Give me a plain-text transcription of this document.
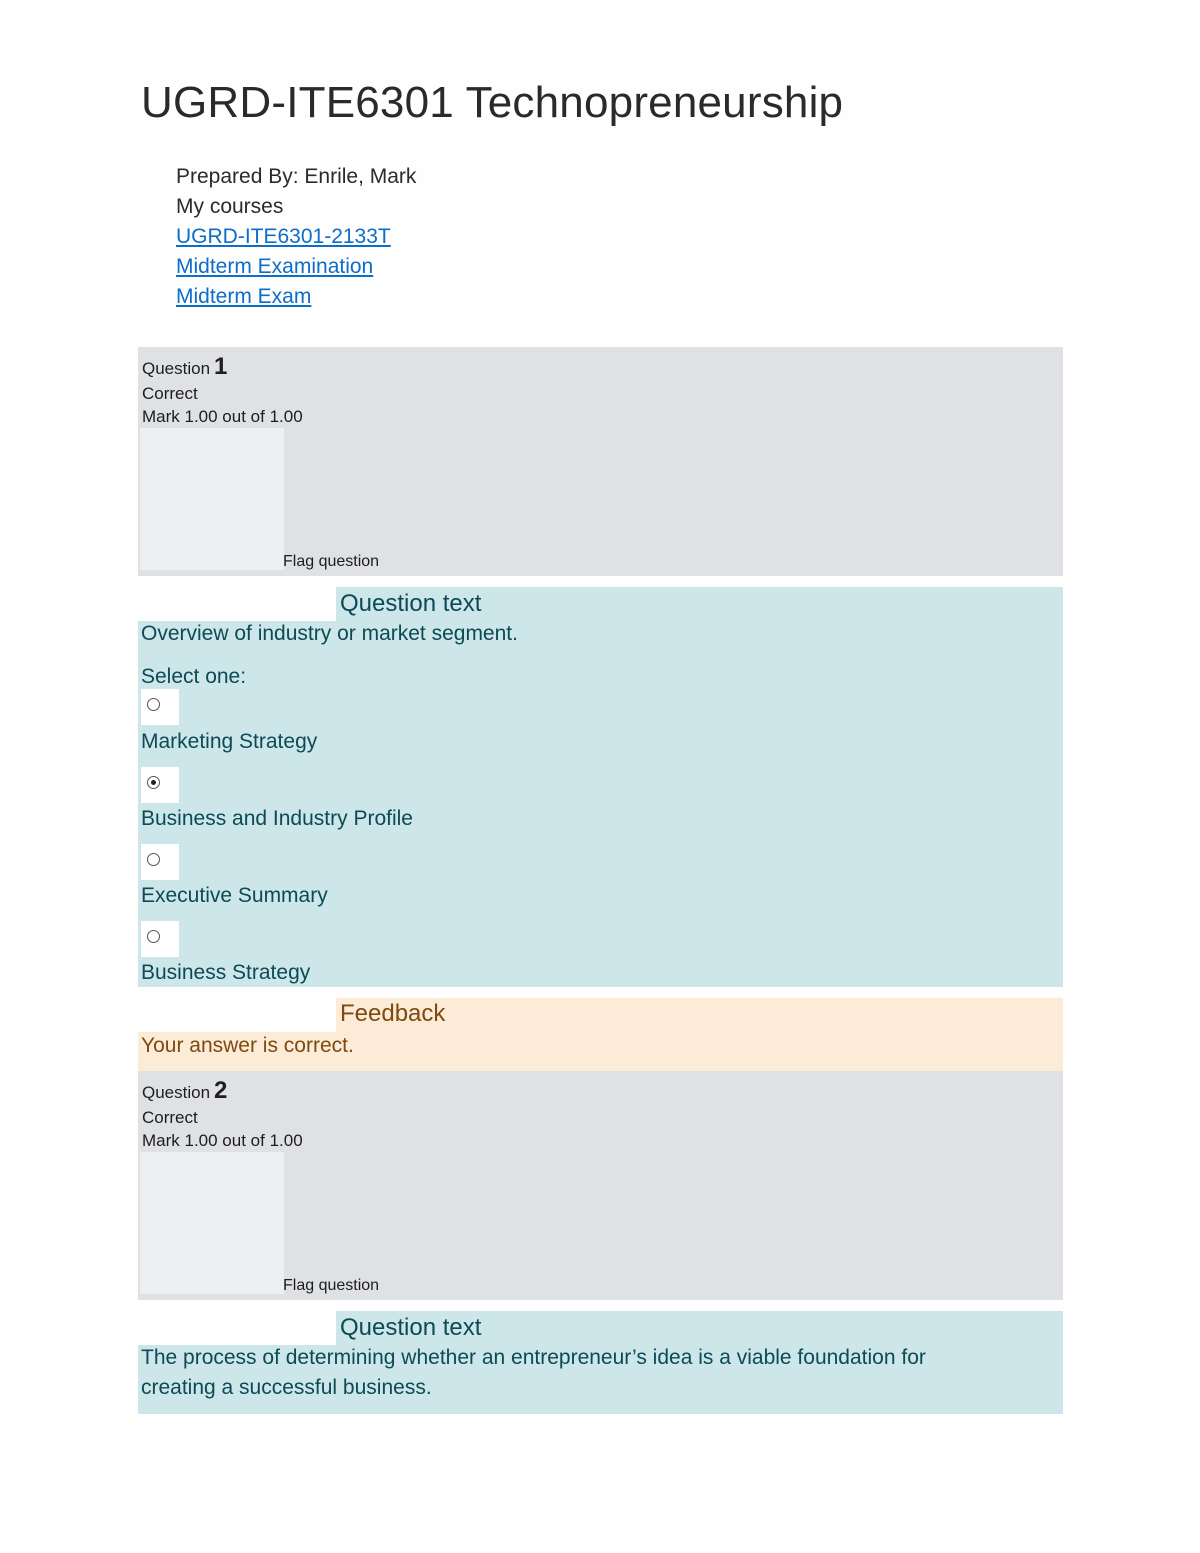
UGRD-ITE6301 Technopreneurship
Prepared By: Enrile, Mark
My courses
UGRD-ITE6301-2133T
Midterm Examination
Midterm Exam
Question 1
Correct
Mark 1.00 out of 1.00
Flag question
Question text
Overview of industry or market segment.
Select one:
Marketing Strategy
Business and Industry Profile
Executive Summary
Business Strategy
Feedback
Your answer is correct.
Question 2
Correct
Mark 1.00 out of 1.00
Flag question
Question text
The process of determining whether an entrepreneur’s idea is a viable foundation for
creating a successful business.
